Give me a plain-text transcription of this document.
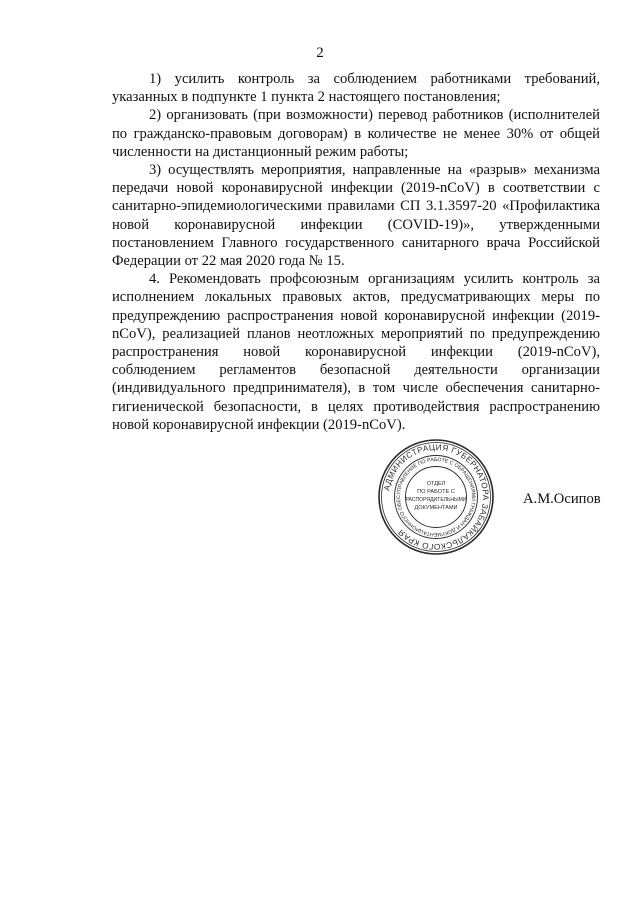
2

1) усилить контроль за соблюдением работниками требований, указанных в подпункте 1 пункта 2 настоящего постановления;

2) организовать (при возможности) перевод работников (исполнителей по гражданско-правовым договорам) в количестве не менее 30% от общей численности на дистанционный режим работы;

3) осуществлять мероприятия, направленные на «разрыв» механизма передачи новой коронавирусной инфекции (2019-nCoV) в соответствии с санитарно-эпидемиологическими правилами СП 3.1.3597-20 «Профилактика новой коронавирусной инфекции (COVID-19)», утвержденными постановлением Главного государственного санитарного врача Российской Федерации от 22 мая 2020 года № 15.

4. Рекомендовать профсоюзным организациям усилить контроль за исполнением локальных правовых актов, предусматривающих меры по предупреждению распространения новой коронавирусной инфекции (2019-nCoV), реализацией планов неотложных мероприятий по предупреждению распространения новой коронавирусной инфекции (2019-nCoV), соблюдением регламентов безопасной деятельности организации (индивидуального предпринимателя), в том числе обеспечения санитарно-гигиенической безопасности, в целях противодействия распространению новой коронавирусной инфекции (2019-nCoV).

АДМИНИСТРАЦИЯ ГУБЕРНАТОРА ЗАБАЙКАЛЬСКОГО КРАЯ
УПРАВЛЕНИЕ ПО РАБОТЕ С ОБРАЩЕНИЯМИ ГРАЖДАН И ДОКУМЕНТАЦИОННОГО ОБЕС
ОТДЕЛ
ПО РАБОТЕ С
РАСПОРЯДИТЕЛЬНЫМИ
ДОКУМЕНТАМИ
А.М.Осипов
